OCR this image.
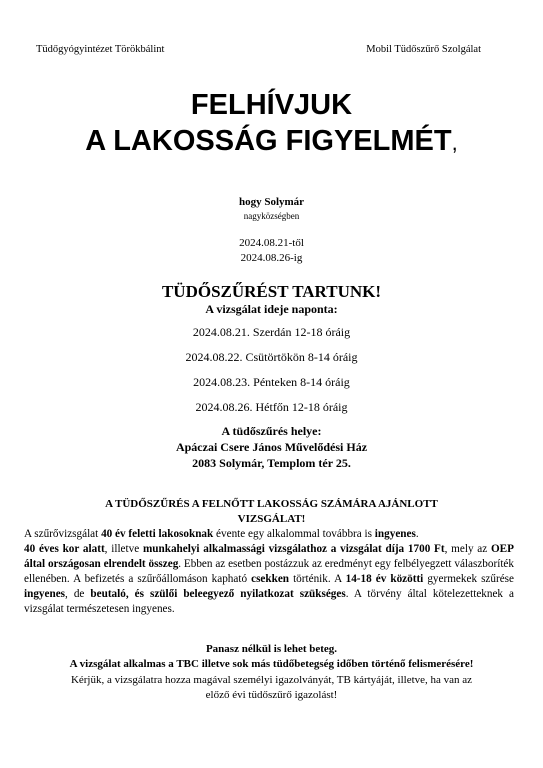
Tüdőgyógyintézet Törökbálint	Mobil Tüdőszűrő Szolgálat
FELHÍVJUK
A LAKOSSÁG FIGYELMÉT,
hogy Solymár
nagyközségben
2024.08.21-től
2024.08.26-ig
TÜDŐSZŰRÉST TARTUNK!
A vizsgálat ideje naponta:
2024.08.21. Szerdán 12-18 óráig
2024.08.22. Csütörtökön 8-14 óráig
2024.08.23. Pénteken 8-14 óráig
2024.08.26. Hétfőn 12-18 óráig
A tüdőszűrés helye:
Apáczai Csere János Művelődési Ház
2083 Solymár, Templom tér 25.
A TÜDŐSZŰRÉS A FELNŐTT LAKOSSÁG SZÁMÁRA AJÁNLOTT
VIZSGÁLAT!
A szűrővizsgálat 40 év feletti lakosoknak évente egy alkalommal továbbra is ingyenes.
40 éves kor alatt, illetve munkahelyi alkalmassági vizsgálathoz a vizsgálat díja 1700 Ft, mely az OEP által országosan elrendelt összeg. Ebben az esetben postázzuk az eredményt egy felbélyegzett válaszboríték ellenében. A befizetés a szűrőállomáson kapható csekken történik. A 14-18 év közötti gyermekek szűrése ingyenes, de beutaló, és szülői beleegyező nyilatkozat szükséges. A törvény által kötelezetteknek a vizsgálat természetesen ingyenes.
Panasz nélkül is lehet beteg.
A vizsgálat alkalmas a TBC illetve sok más tüdőbetegség időben történő felismerésére!
Kérjük, a vizsgálatra hozza magával személyi igazolványát, TB kártyáját, illetve, ha van az előző évi tüdőszűrő igazolást!
